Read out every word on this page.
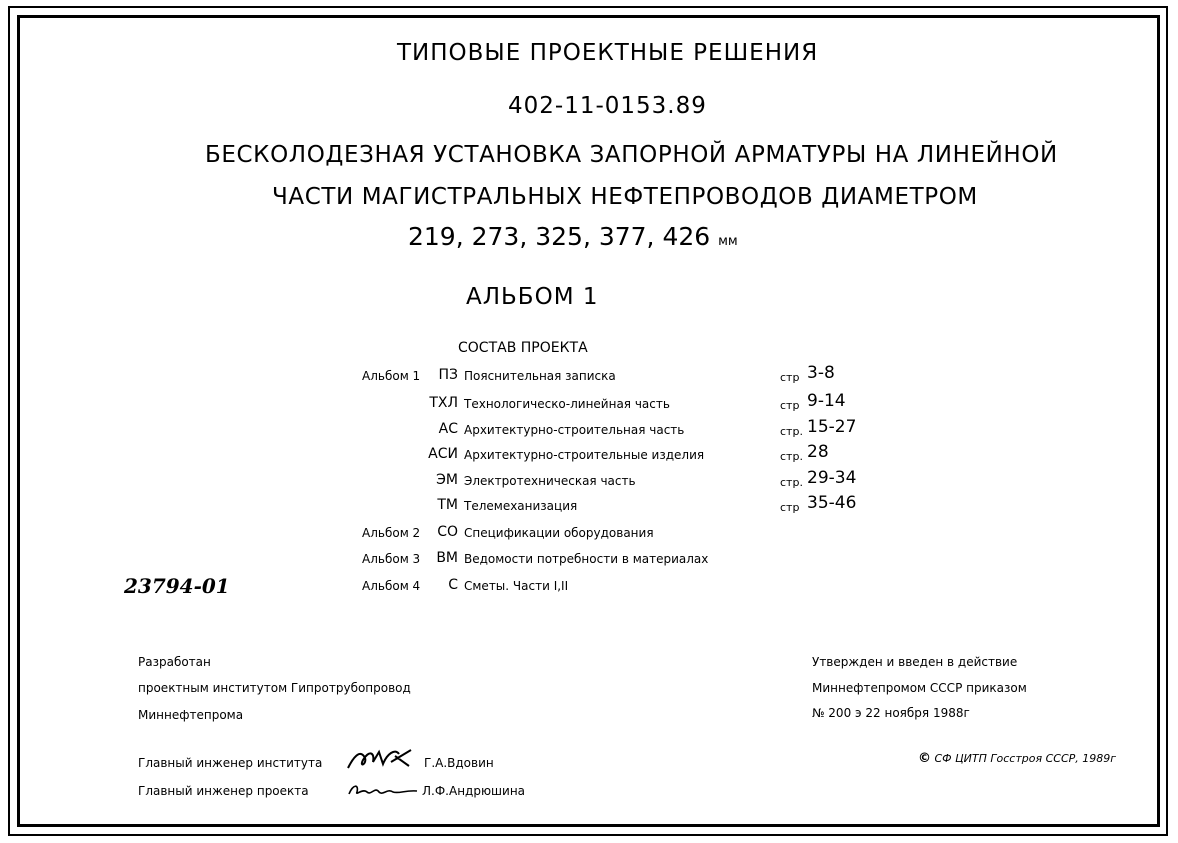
ТИПОВЫЕ ПРОЕКТНЫЕ РЕШЕНИЯ
402-11-0153.89
БЕСКОЛОДЕЗНАЯ УСТАНОВКА ЗАПОРНОЙ АРМАТУРЫ НА ЛИНЕЙНОЙ
ЧАСТИ МАГИСТРАЛЬНЫХ НЕФТЕПРОВОДОВ ДИАМЕТРОМ
219, 273, 325, 377, 426 мм
АЛЬБОМ 1
СОСТАВ ПРОЕКТА
Альбом 1 ПЗ Пояснительная записка	стр 3-8
ТХЛ Технологическо-линейная часть	стр 9-14
АС Архитектурно-строительная часть	стр. 15-27
АСИ Архитектурно-строительные изделия	стр. 28
ЭМ Электротехническая часть	стр. 29-34
ТМ Телемеханизация	стр 35-46
Альбом 2 СО Спецификации оборудования
Альбом 3 ВМ Ведомости потребности в материалах
Альбом 4 С Сметы. Части I,II
23794-01
Разработан
проектным институтом Гипротрубопровод
Миннефтепрома
Утвержден и введен в действие
Миннефтепромом СССР приказом
№ 200 э 22 ноября 1988г
Главный инженер института	Г.А.Вдовин
Главный инженер проекта	Л.Ф.Андрюшина
© СФ ЦИТП Госстроя СССР, 1989г
